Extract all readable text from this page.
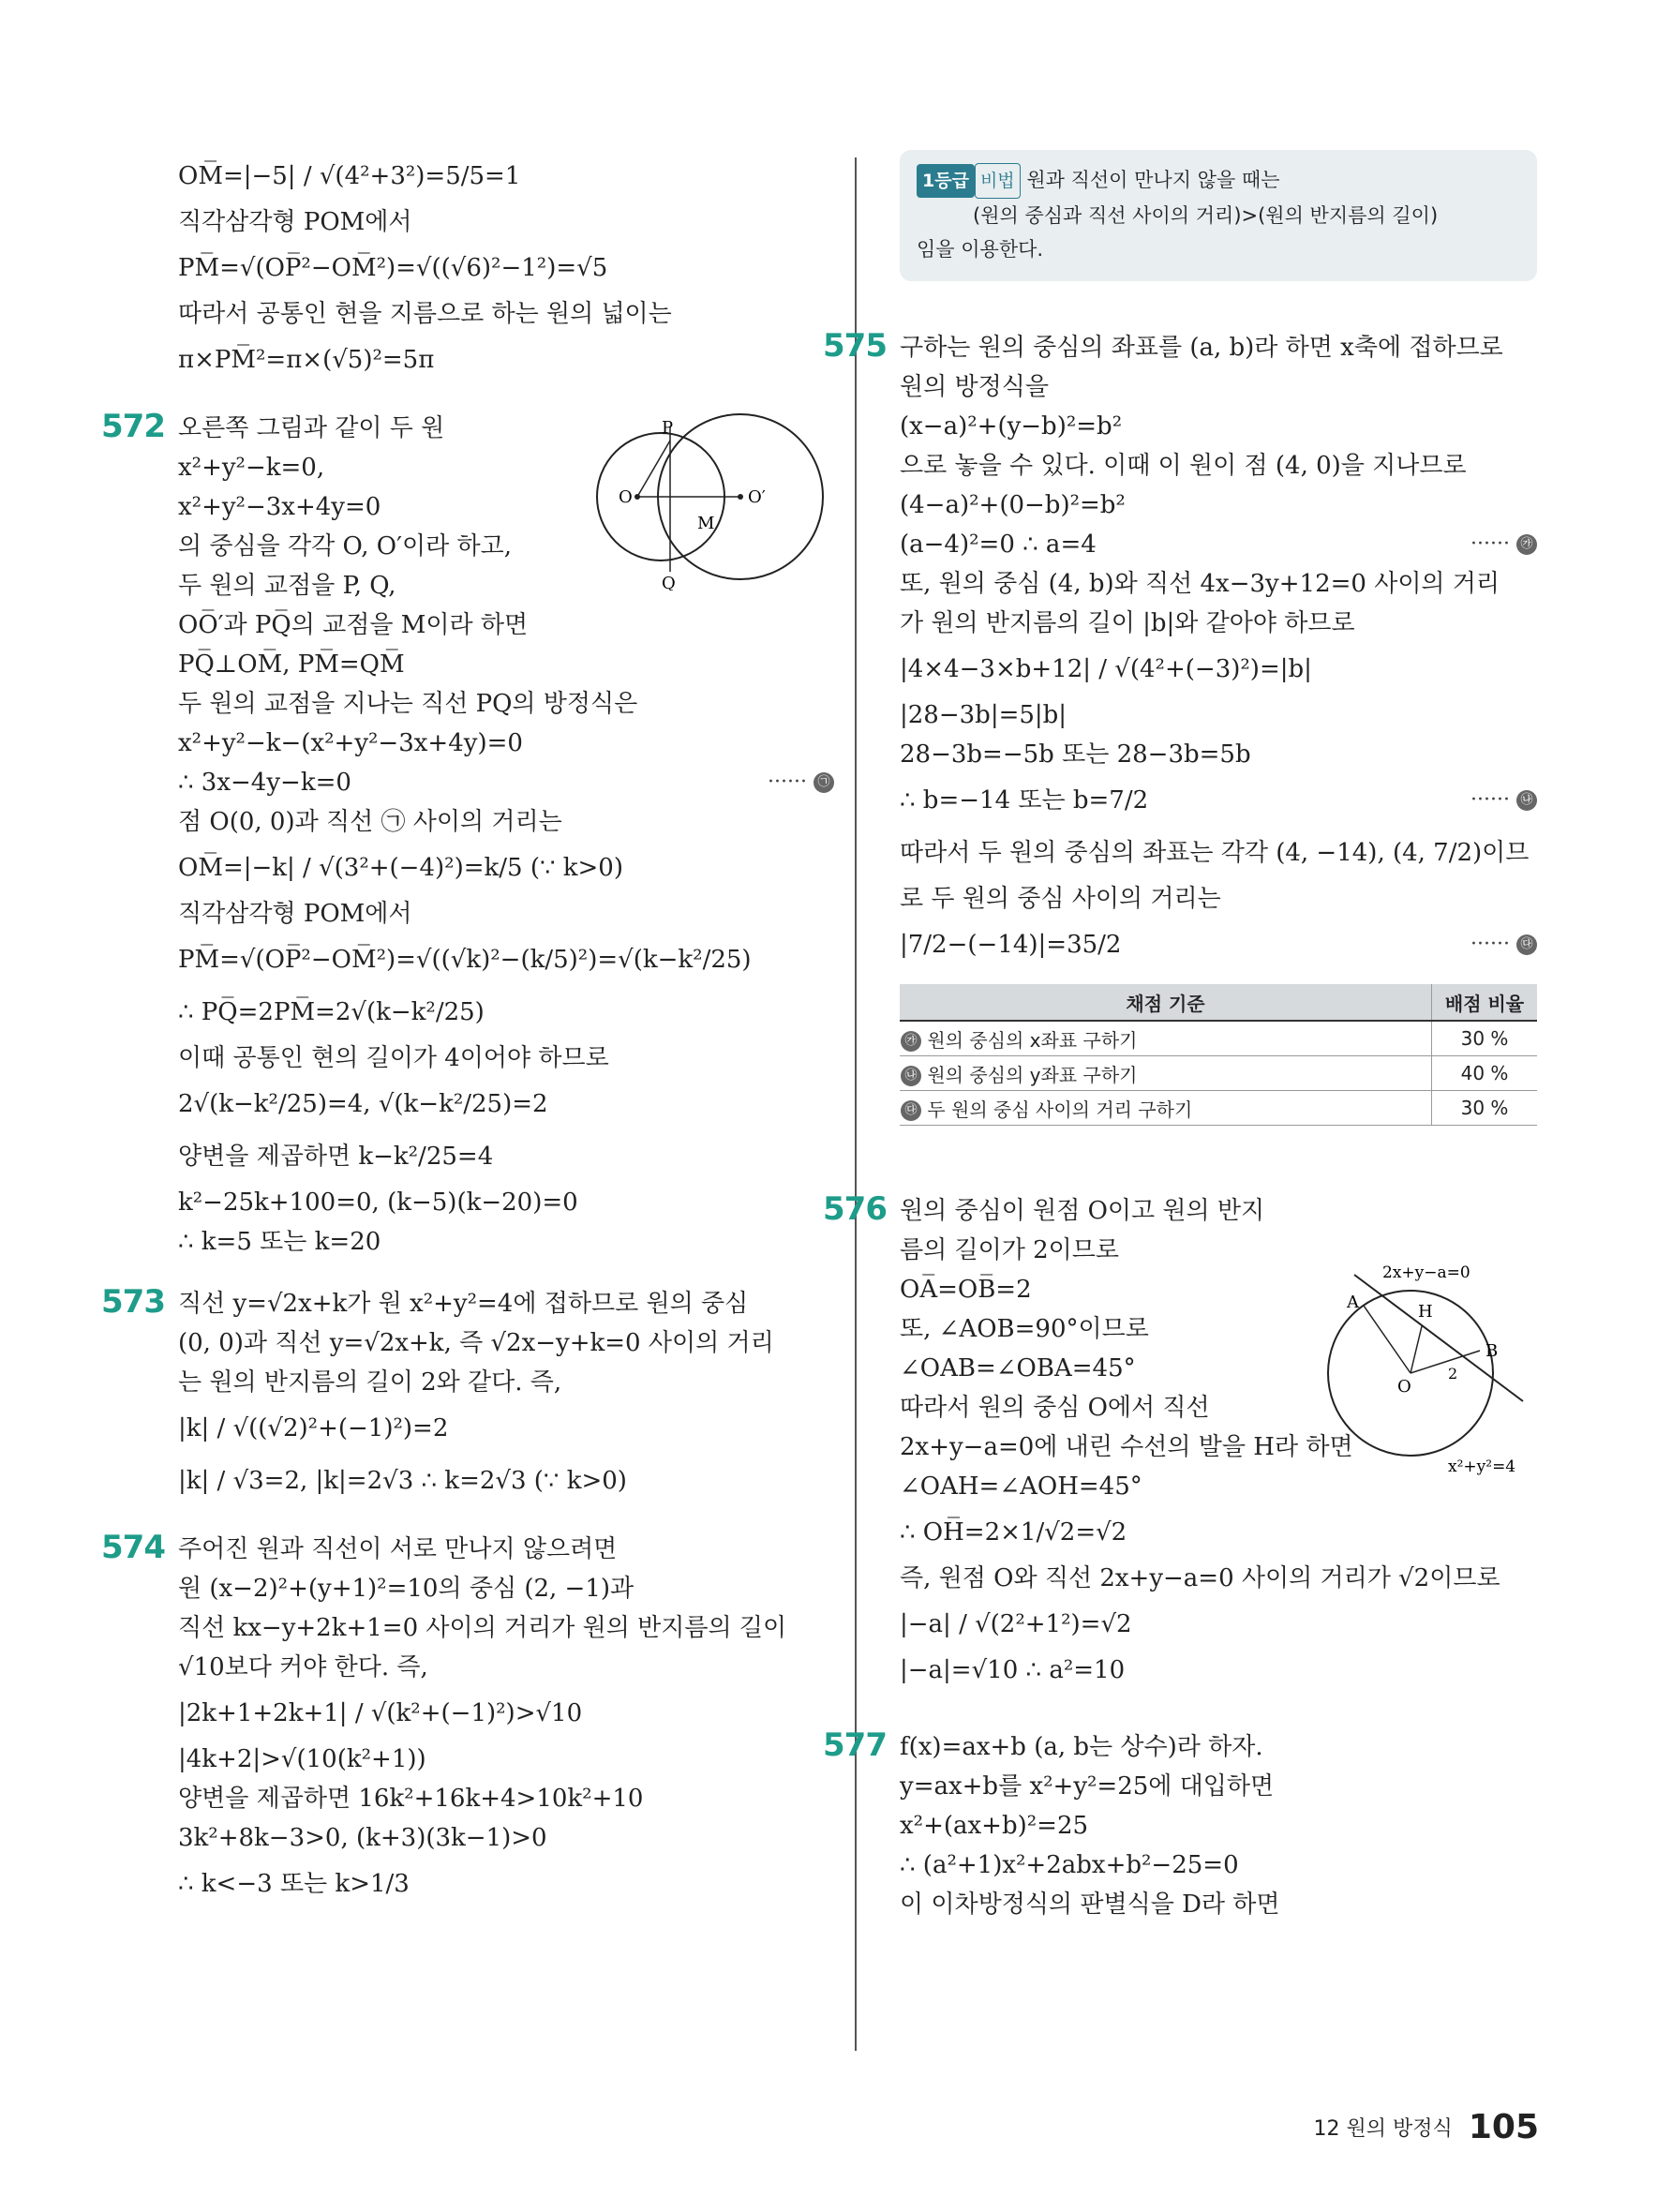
OM̅=|−5| / √(4²+3²)=5/5=1
직각삼각형 POM에서
PM̅=√(OP̅²−OM̅²)=√((√6)²−1²)=√5
따라서 공통인 현을 지름으로 하는 원의 넓이는
π×PM̅²=π×(√5)²=5π
572 오른쪽 그림과 같이 두 원
x²+y²−k=0,
x²+y²−3x+4y=0
의 중심을 각각 O, O′이라 하고,
두 원의 교점을 P, Q,
OO̅′과 PQ̅의 교점을 M이라 하면
PQ̅⊥OM̅, PM̅=QM̅
두 원의 교점을 지나는 직선 PQ의 방정식은
x²+y²−k−(x²+y²−3x+4y)=0
∴ 3x−4y−k=0	······ ㉠
점 O(0, 0)과 직선 ㉠ 사이의 거리는
OM̅=|−k| / √(3²+(−4)²)=k/5 (∵ k>0)
직각삼각형 POM에서
PM̅=√(OP̅²−OM̅²)=√((√k)²−(k/5)²)=√(k−k²/25)
∴ PQ̅=2PM̅=2√(k−k²/25)
이때 공통인 현의 길이가 4이어야 하므로
2√(k−k²/25)=4, √(k−k²/25)=2
양변을 제곱하면 k−k²/25=4
k²−25k+100=0, (k−5)(k−20)=0
∴ k=5 또는 k=20
573 직선 y=√2x+k가 원 x²+y²=4에 접하므로 원의 중심
(0, 0)과 직선 y=√2x+k, 즉 √2x−y+k=0 사이의 거리
는 원의 반지름의 길이 2와 같다. 즉,
|k| / √((√2)²+(−1)²)=2
|k| / √3=2, |k|=2√3 ∴ k=2√3 (∵ k>0)
574 주어진 원과 직선이 서로 만나지 않으려면
원 (x−2)²+(y+1)²=10의 중심 (2, −1)과
직선 kx−y+2k+1=0 사이의 거리가 원의 반지름의 길이
√10보다 커야 한다. 즉,
|2k+1+2k+1| / √(k²+(−1)²)>√10
|4k+2|>√(10(k²+1))
양변을 제곱하면 16k²+16k+4>10k²+10
3k²+8k−3>0, (k+3)(3k−1)>0
∴ k<−3 또는 k>1/3
1등급 비법 원과 직선이 만나지 않을 때는
(원의 중심과 직선 사이의 거리)>(원의 반지름의 길이)
임을 이용한다.
575 구하는 원의 중심의 좌표를 (a, b)라 하면 x축에 접하므로
원의 방정식을
(x−a)²+(y−b)²=b²
으로 놓을 수 있다. 이때 이 원이 점 (4, 0)을 지나므로
(4−a)²+(0−b)²=b²
(a−4)²=0 ∴ a=4	······ ㉮
또, 원의 중심 (4, b)와 직선 4x−3y+12=0 사이의 거리
가 원의 반지름의 길이 |b|와 같아야 하므로
|4×4−3×b+12| / √(4²+(−3)²)=|b|
|28−3b|=5|b|
28−3b=−5b 또는 28−3b=5b
∴ b=−14 또는 b=7/2	······ ㉯
따라서 두 원의 중심의 좌표는 각각 (4, −14), (4, 7/2)이므
로 두 원의 중심 사이의 거리는
|7/2−(−14)|=35/2	······ ㉰
채점 기준	배점 비율
㉮ 원의 중심의 x좌표 구하기	30 %
㉯ 원의 중심의 y좌표 구하기	40 %
㉰ 두 원의 중심 사이의 거리 구하기	30 %
576 원의 중심이 원점 O이고 원의 반지
름의 길이가 2이므로
OA̅=OB̅=2
또, ∠AOB=90°이므로
∠OAB=∠OBA=45°
따라서 원의 중심 O에서 직선
2x+y−a=0에 내린 수선의 발을 H라 하면
∠OAH=∠AOH=45°
∴ OH̅=2×1/√2=√2
즉, 원점 O와 직선 2x+y−a=0 사이의 거리가 √2이므로
|−a| / √(2²+1²)=√2
|−a|=√10 ∴ a²=10
577 f(x)=ax+b (a, b는 상수)라 하자.
y=ax+b를 x²+y²=25에 대입하면
x²+(ax+b)²=25
∴ (a²+1)x²+2abx+b²−25=0
이 이차방정식의 판별식을 D라 하면
P
Q
O	O′
M
2x+y−a=0
A	H
B
O
2
x²+y²=4
12 원의 방정식 105
